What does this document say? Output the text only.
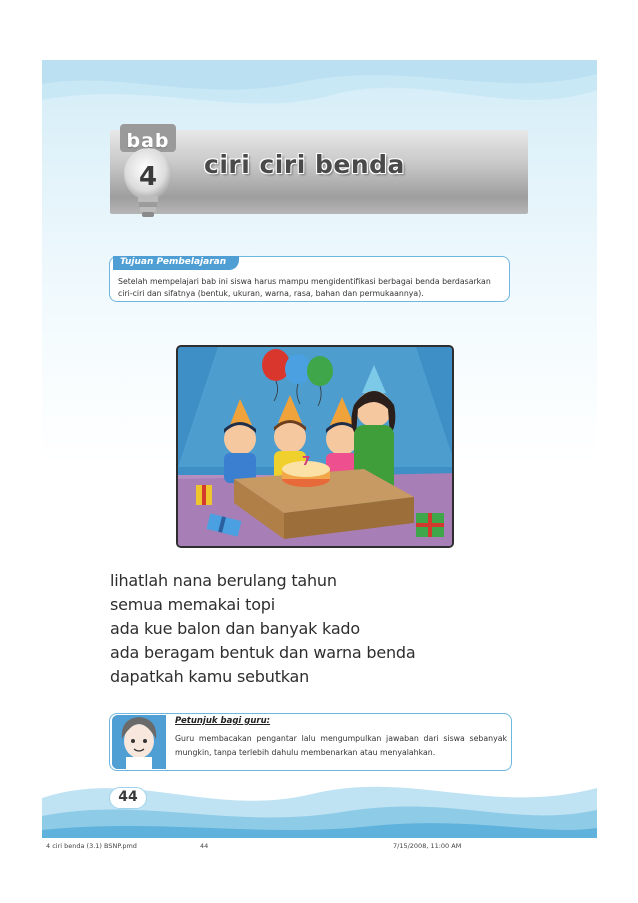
bab
4	ciri ciri benda
Tujuan Pembelajaran
Setelah mempelajari bab ini siswa harus mampu mengidentifikasi berbagai benda berdasarkan ciri-ciri dan sifatnya (bentuk, ukuran, warna, rasa, bahan dan permukaannya).
7
lihatlah nana berulang tahun
semua memakai topi
ada kue balon dan banyak kado
ada beragam bentuk dan warna benda
dapatkah kamu sebutkan
Petunjuk bagi guru:
Guru membacakan pengantar lalu mengumpulkan jawaban dari siswa sebanyak mungkin, tanpa terlebih dahulu membenarkan atau menyalahkan.
44
4 ciri benda (3.1) BSNP.pmd	44	7/15/2008, 11:00 AM
